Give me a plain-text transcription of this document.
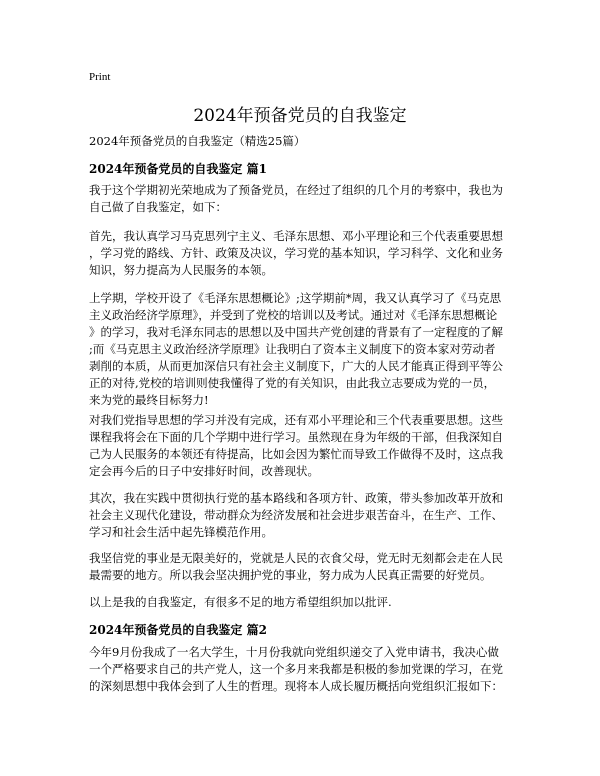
Print
2024年预备党员的自我鉴定
2024年预备党员的自我鉴定（精选25篇）
2024年预备党员的自我鉴定 篇1

我于这个学期初光荣地成为了预备党员，在经过了组织的几个月的考察中，我也为
自己做了自我鉴定，如下：

首先，我认真学习马克思列宁主义、毛泽东思想、邓小平理论和三个代表重要思想
，学习党的路线、方针、政策及决议，学习党的基本知识，学习科学、文化和业务
知识，努力提高为人民服务的本领。

上学期，学校开设了《毛泽东思想概论》;这学期前*周，我又认真学习了《马克思
主义政治经济学原理》，并受到了党校的培训以及考试。通过对《毛泽东思想概论
》的学习，我对毛泽东同志的思想以及中国共产党创建的背景有了一定程度的了解
;而《马克思主义政治经济学原理》让我明白了资本主义制度下的资本家对劳动者
剥削的本质，从而更加深信只有社会主义制度下，广大的人民才能真正得到平等公
正的对待,党校的培训则使我懂得了党的有关知识，由此我立志要成为党的一员，
来为党的最终目标努力!

对我们党指导思想的学习并没有完成，还有邓小平理论和三个代表重要思想。这些
课程我将会在下面的几个学期中进行学习。虽然现在身为年级的干部，但我深知自
己为人民服务的本领还有待提高，比如会因为繁忙而导致工作做得不及时，这点我
定会再今后的日子中安排好时间，改善现状。

其次，我在实践中贯彻执行党的基本路线和各项方针、政策，带头参加改革开放和
社会主义现代化建设，带动群众为经济发展和社会进步艰苦奋斗，在生产、工作、
学习和社会生活中起先锋模范作用。

我坚信党的事业是无限美好的，党就是人民的衣食父母，党无时无刻都会走在人民
最需要的地方。所以我会坚决拥护党的事业，努力成为人民真正需要的好党员。

以上是我的自我鉴定，有很多不足的地方希望组织加以批评.

2024年预备党员的自我鉴定 篇2

今年9月份我成了一名大学生，十月份我就向党组织递交了入党申请书，我决心做
一个严格要求自己的共产党人，这一个多月来我都是积极的参加党课的学习，在党
的深刻思想中我体会到了人生的哲理。现将本人成长履历概括向党组织汇报如下：
